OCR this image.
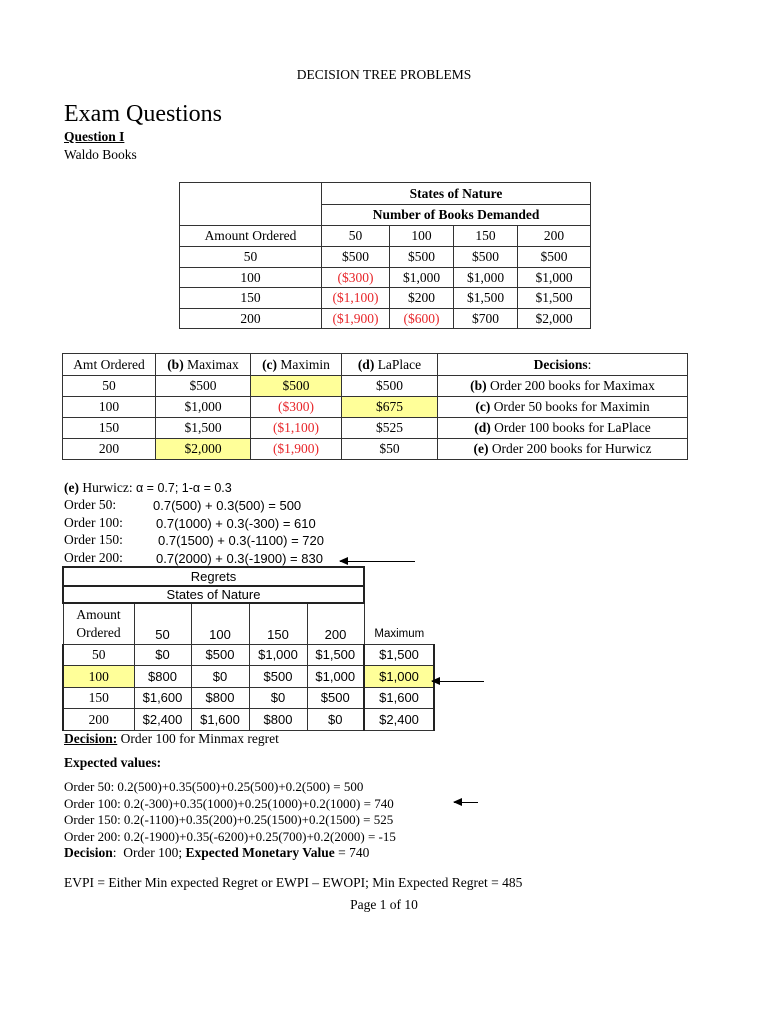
DECISION TREE PROBLEMS
Exam Questions
Question I
Waldo Books
	States of Nature			
	Number of Books Demanded			
Amount Ordered	50	100	150	200
50	$500	$500	$500	$500
100	($300)	$1,000	$1,000	$1,000
150	($1,100)	$200	$1,500	$1,500
200	($1,900)	($600)	$700	$2,000
Amt Ordered	(b) Maximax	(c) Maximin	(d) LaPlace	Decisions:
50	$500	$500	$500	(b) Order 200 books for Maximax
100	$1,000	($300)	$675	(c) Order 50 books for Maximin
150	$1,500	($1,100)	$525	(d) Order 100 books for LaPlace
200	$2,000	($1,900)	$50	(e) Order 200 books for Hurwicz
(e) Hurwicz: α = 0.7; 1-α = 0.3
Order 50:	0.7(500) + 0.3(500) = 500
Order 100:	0.7(1000) + 0.3(-300) = 610
Order 150:	0.7(1500) + 0.3(-1100) = 720
Order 200:	0.7(2000) + 0.3(-1900) = 830
Regrets					
States of Nature					
Amount
Ordered	50	100	150	200	Maximum
50	$0	$500	$1,000	$1,500	$1,500
100	$800	$0	$500	$1,000	$1,000
150	$1,600	$800	$0	$500	$1,600
200	$2,400	$1,600	$800	$0	$2,400
Decision: Order 100 for Minmax regret
Expected values:
Order 50: 0.2(500)+0.35(500)+0.25(500)+0.2(500) = 500
Order 100: 0.2(-300)+0.35(1000)+0.25(1000)+0.2(1000) = 740
Order 150: 0.2(-1100)+0.35(200)+0.25(1500)+0.2(1500) = 525
Order 200: 0.2(-1900)+0.35(-6200)+0.25(700)+0.2(2000) = -15
Decision:  Order 100; Expected Monetary Value = 740
EVPI = Either Min expected Regret or EWPI – EWOPI; Min Expected Regret = 485
Page 1 of 10
